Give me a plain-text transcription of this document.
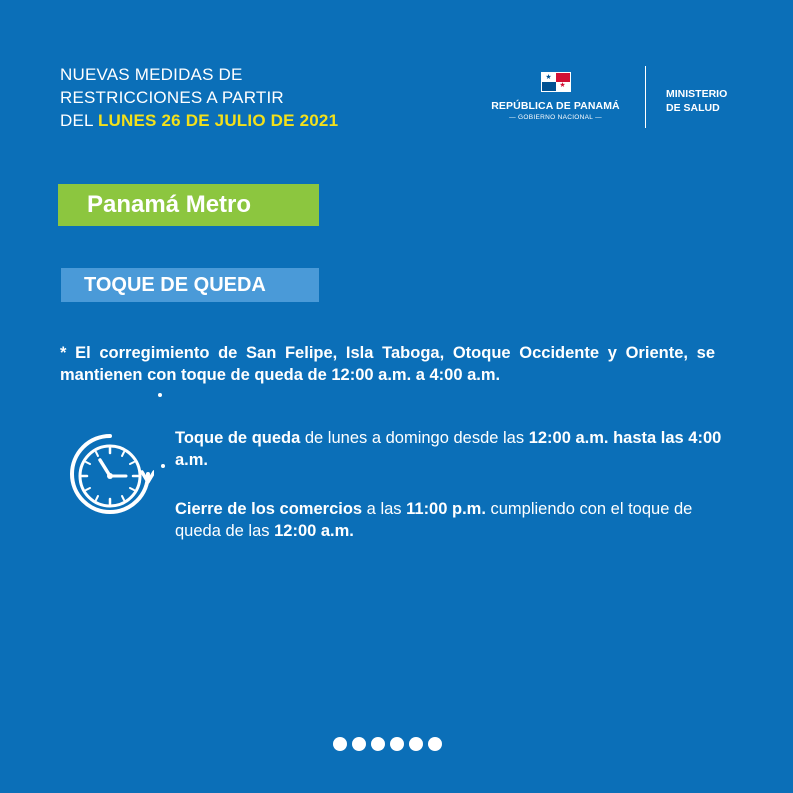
NUEVAS MEDIDAS DE
RESTRICCIONES A PARTIR
DEL LUNES 26 DE JULIO DE 2021
★
★
REPÚBLICA DE PANAMÁ
— GOBIERNO NACIONAL —
MINISTERIO
DE SALUD
Panamá Metro
TOQUE DE QUEDA
* El corregimiento de San Felipe, Isla Taboga, Otoque Occidente y Oriente, se mantienen con toque de queda de 12:00 a.m. a 4:00 a.m.
Toque de queda de lunes a domingo desde las 12:00 a.m. hasta las 4:00 a.m.
Cierre de los comercios a las 11:00 p.m. cumpliendo con el toque de queda de las 12:00 a.m.
